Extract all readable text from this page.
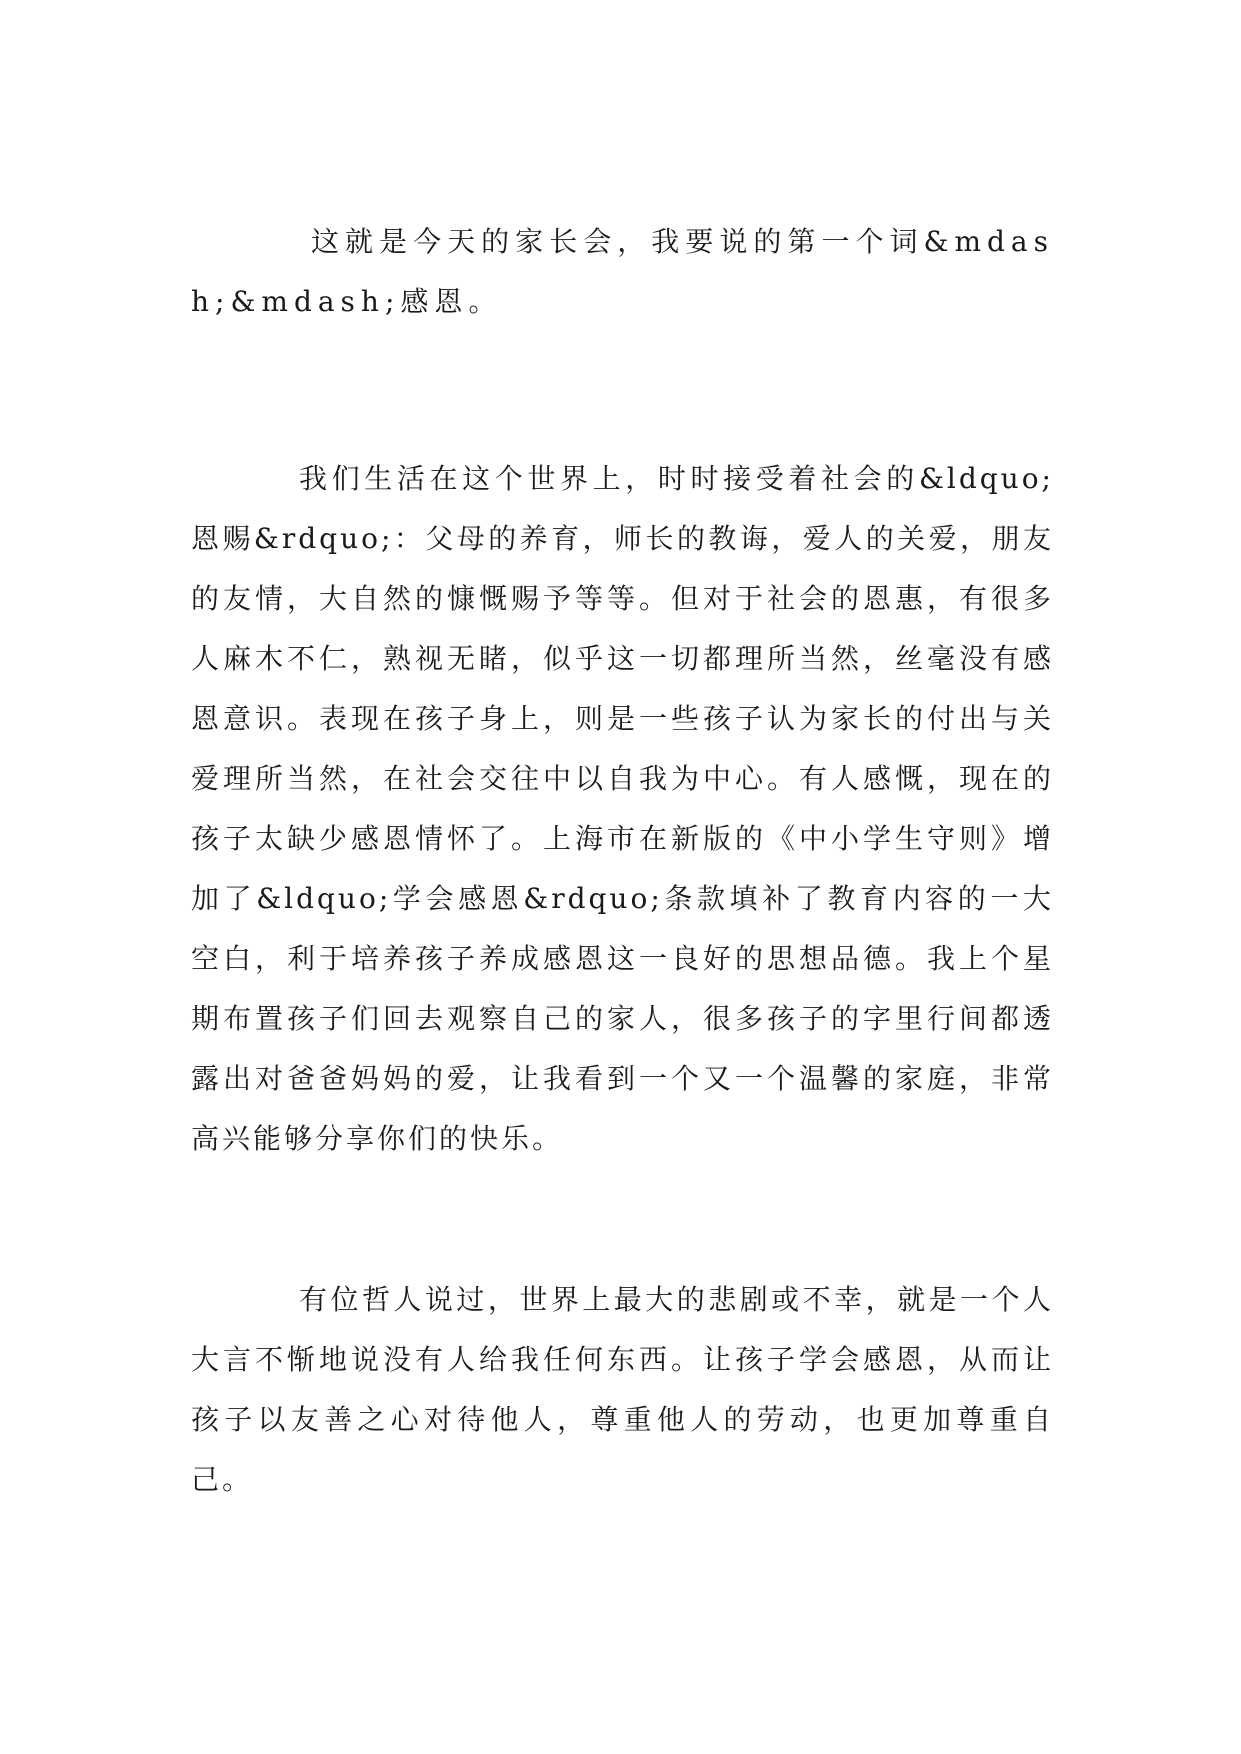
这就是今天的家长会，我要说的第一个词&mdash;&mdash;感恩。

我们生活在这个世界上，时时接受着社会的&ldquo;恩赐&rdquo;：父母的养育，师长的教诲，爱人的关爱，朋友的友情，大自然的慷慨赐予等等。但对于社会的恩惠，有很多人麻木不仁，熟视无睹，似乎这一切都理所当然，丝毫没有感恩意识。表现在孩子身上，则是一些孩子认为家长的付出与关爱理所当然，在社会交往中以自我为中心。有人感慨，现在的孩子太缺少感恩情怀了。上海市在新版的《中小学生守则》增加了&ldquo;学会感恩&rdquo;条款填补了教育内容的一大空白，利于培养孩子养成感恩这一良好的思想品德。我上个星期布置孩子们回去观察自己的家人，很多孩子的字里行间都透露出对爸爸妈妈的爱，让我看到一个又一个温馨的家庭，非常高兴能够分享你们的快乐。

有位哲人说过，世界上最大的悲剧或不幸，就是一个人大言不惭地说没有人给我任何东西。让孩子学会感恩，从而让孩子以友善之心对待他人，尊重他人的劳动，也更加尊重自己。
